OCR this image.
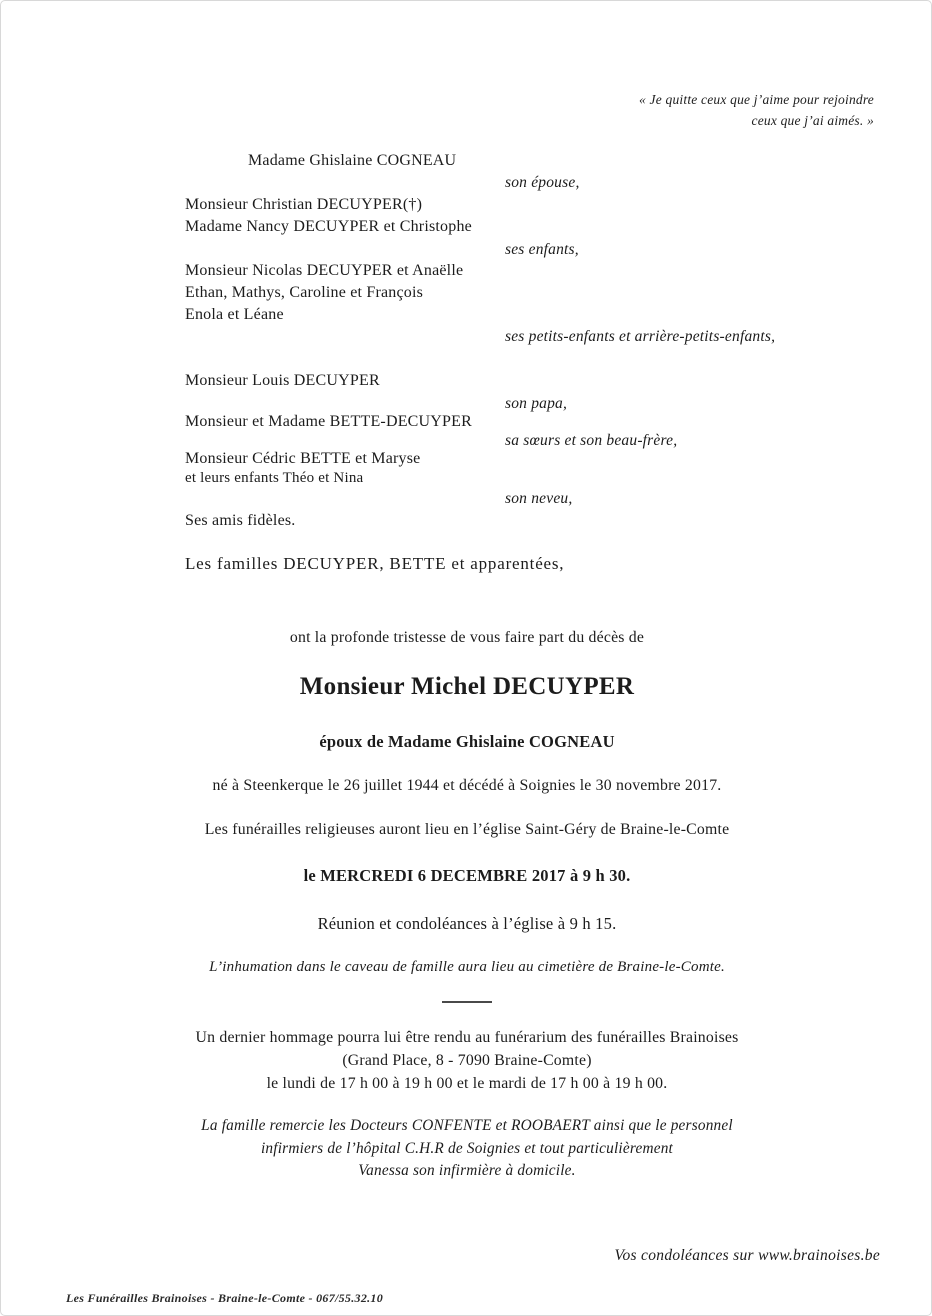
« Je quitte ceux que j’aime pour rejoindre
ceux que j’ai aimés. »
Madame Ghislaine COGNEAU
son épouse,
Monsieur Christian DECUYPER(†)
Madame Nancy DECUYPER et Christophe
ses enfants,
Monsieur Nicolas DECUYPER et Anaëlle
Ethan, Mathys, Caroline et François
Enola et Léane
ses petits-enfants et arrière-petits-enfants,
Monsieur Louis DECUYPER
son papa,
Monsieur et Madame BETTE-DECUYPER
sa sœurs et son beau-frère,
Monsieur Cédric BETTE et Maryse
et leurs enfants Théo et Nina
son neveu,
Ses amis fidèles.
Les familles DECUYPER, BETTE et apparentées,
ont la profonde tristesse de vous faire part du décès de
Monsieur Michel DECUYPER
époux de Madame Ghislaine COGNEAU
né à Steenkerque le 26 juillet 1944 et décédé à Soignies le 30 novembre 2017.
Les funérailles religieuses auront lieu en l’église Saint-Géry de Braine-le-Comte
le MERCREDI 6 DECEMBRE 2017 à 9 h 30.
Réunion et condoléances à l’église à 9 h 15.
L’inhumation dans le caveau de famille aura lieu au cimetière de Braine-le-Comte.
Un dernier hommage pourra lui être rendu au funérarium des funérailles Brainoises
(Grand Place, 8 - 7090 Braine-Comte)
le lundi de 17 h 00 à 19 h 00 et le mardi de 17 h 00 à 19 h 00.
La famille remercie les Docteurs CONFENTE et ROOBAERT ainsi que le personnel
infirmiers de l’hôpital C.H.R de Soignies et tout particulièrement
Vanessa son infirmière à domicile.
Vos condoléances sur www.brainoises.be
Les Funérailles Brainoises - Braine-le-Comte - 067/55.32.10
